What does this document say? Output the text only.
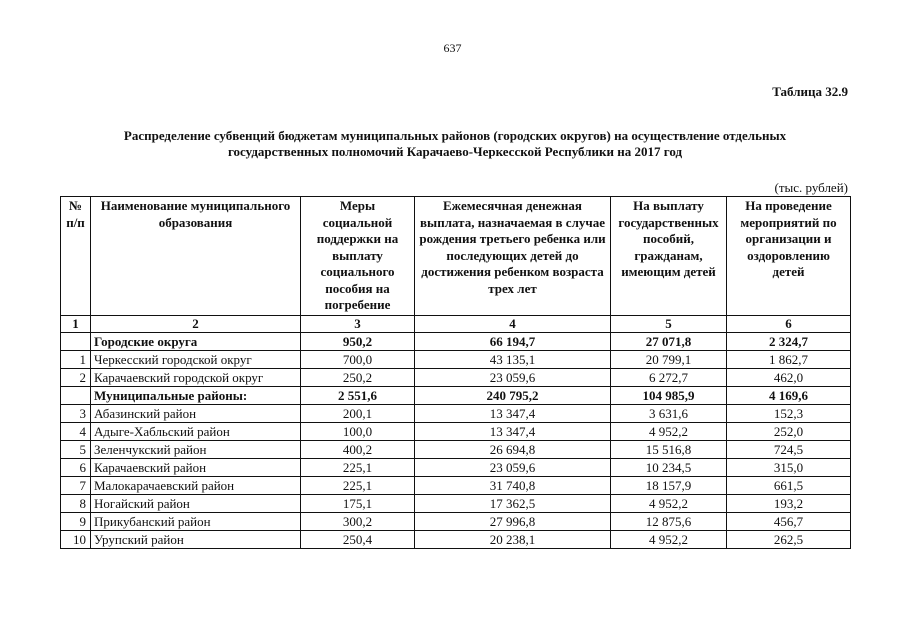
637
Таблица 32.9
Распределение субвенций бюджетам муниципальных районов (городских округов) на осуществление отдельных
государственных полномочий Карачаево-Черкесской Республики на 2017 год
(тыс. рублей)
№ п/п	Наименование муниципального образования	Меры социальной поддержки на выплату социального пособия на погребение	Ежемесячная денежная выплата, назначаемая в случае рождения третьего ребенка или последующих детей до достижения ребенком возраста трех лет	На выплату государственных пособий, гражданам, имеющим детей	На проведение мероприятий по организации и оздоровлению детей
1	2	3	4	5	6
	Городские округа	950,2	66 194,7	27 071,8	2 324,7
1	Черкесский городской округ	700,0	43 135,1	20 799,1	1 862,7
2	Карачаевский городской округ	250,2	23 059,6	6 272,7	462,0
	Муниципальные районы:	2 551,6	240 795,2	104 985,9	4 169,6
3	Абазинский район	200,1	13 347,4	3 631,6	152,3
4	Адыге-Хабльский район	100,0	13 347,4	4 952,2	252,0
5	Зеленчукский район	400,2	26 694,8	15 516,8	724,5
6	Карачаевский район	225,1	23 059,6	10 234,5	315,0
7	Малокарачаевский район	225,1	31 740,8	18 157,9	661,5
8	Ногайский район	175,1	17 362,5	4 952,2	193,2
9	Прикубанский район	300,2	27 996,8	12 875,6	456,7
10	Урупский район	250,4	20 238,1	4 952,2	262,5
